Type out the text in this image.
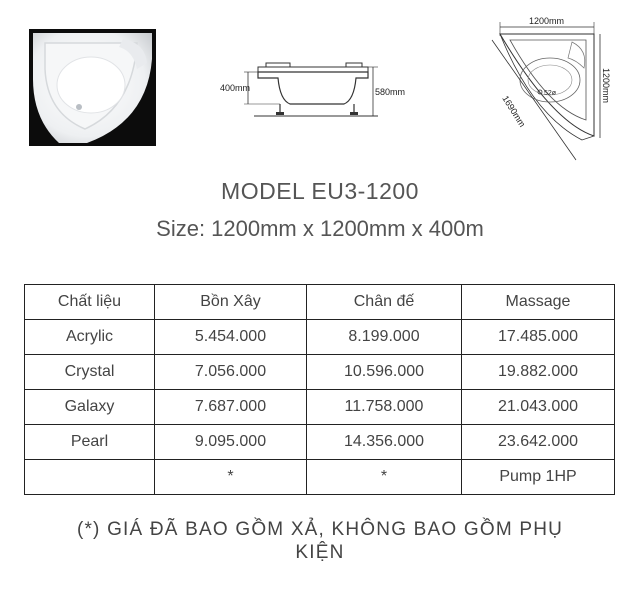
400mm	580mm
1200mm
1200mm
52ø
1690mm
MODEL EU3-1200
Size: 1200mm x 1200mm x 400m
Chất liệu	Bồn Xây	Chân đế	Massage
Acrylic	5.454.000	8.199.000	17.485.000
Crystal	7.056.000	10.596.000	19.882.000
Galaxy	7.687.000	11.758.000	21.043.000
Pearl	9.095.000	14.356.000	23.642.000
	*	*	Pump 1HP
(*) GIÁ ĐÃ BAO GỒM XẢ, KHÔNG BAO GỒM PHỤ
KIỆN
